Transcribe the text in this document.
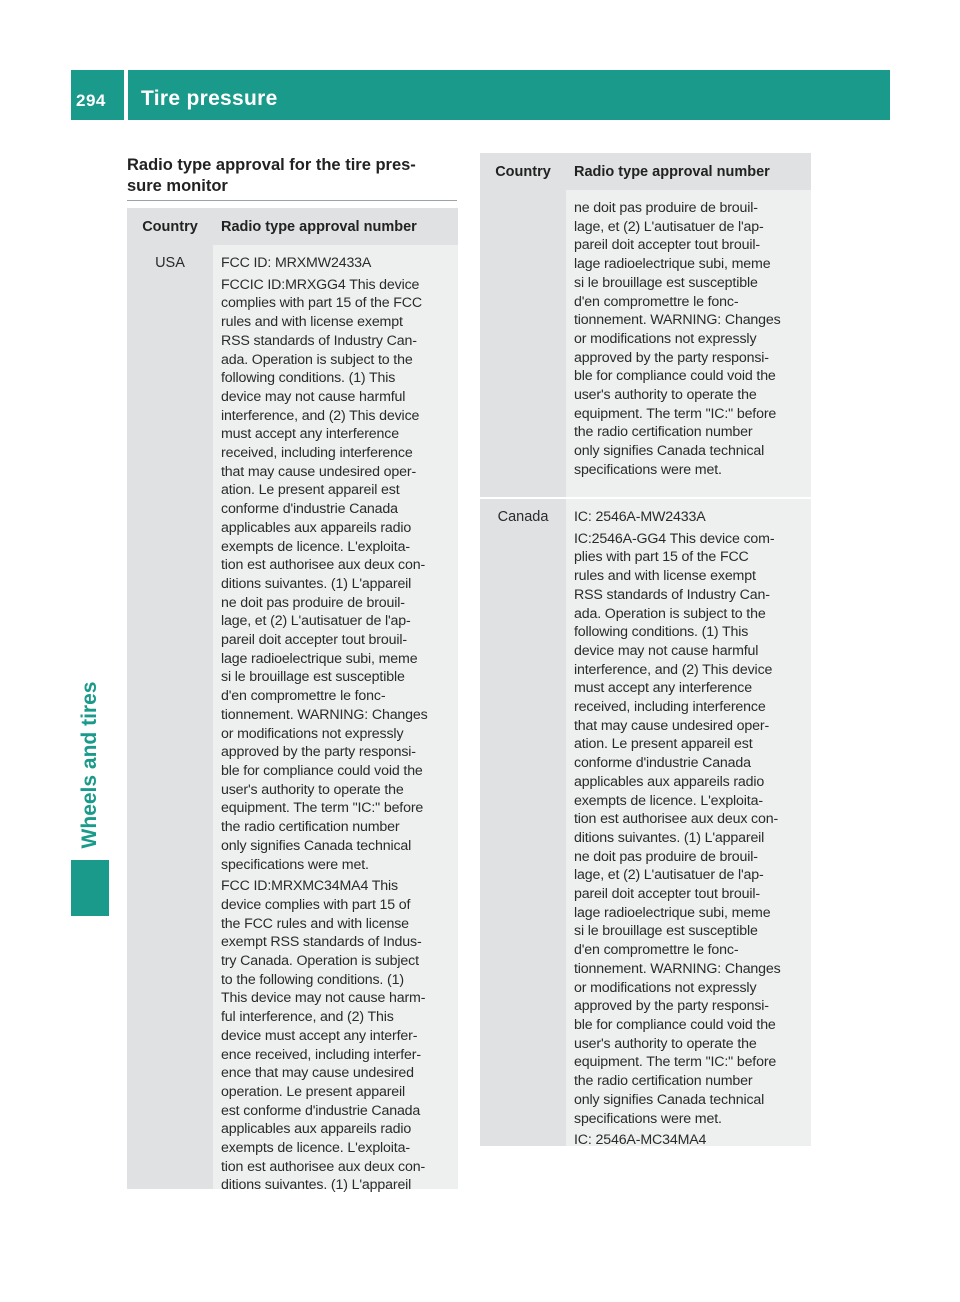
294	Tire pressure
Wheels and tires
Radio type approval for the tire pres-
sure monitor
Country	Radio type approval number
USA	FCC ID: MRXMW2433A

FCCIC ID:MRXGG4 This device
complies with part 15 of the FCC
rules and with license exempt
RSS standards of Industry Can-
ada. Operation is subject to the
following conditions. (1) This
device may not cause harmful
interference, and (2) This device
must accept any interference
received, including interference
that may cause undesired oper-
ation. Le present appareil est
conforme d'industrie Canada
applicables aux appareils radio
exempts de licence. L'exploita-
tion est authorisee aux deux con-
ditions suivantes. (1) L'appareil
ne doit pas produire de brouil-
lage, et (2) L'autisatuer de l'ap-
pareil doit accepter tout brouil-
lage radioelectrique subi, meme
si le brouillage est susceptible
d'en compromettre le fonc-
tionnement. WARNING: Changes
or modifications not expressly
approved by the party responsi-
ble for compliance could void the
user's authority to operate the
equipment. The term "IC:" before
the radio certification number
only signifies Canada technical
specifications were met.

FCC ID:MRXMC34MA4 This
device complies with part 15 of
the FCC rules and with license
exempt RSS standards of Indus-
try Canada. Operation is subject
to the following conditions. (1)
This device may not cause harm-
ful interference, and (2) This
device must accept any interfer-
ence received, including interfer-
ence that may cause undesired
operation. Le present appareil
est conforme d'industrie Canada
applicables aux appareils radio
exempts de licence. L'exploita-
tion est authorisee aux deux con-
ditions suivantes. (1) L'appareil

Country	Radio type approval number

ne doit pas produire de brouil-
lage, et (2) L'autisatuer de l'ap-
pareil doit accepter tout brouil-
lage radioelectrique subi, meme
si le brouillage est susceptible
d'en compromettre le fonc-
tionnement. WARNING: Changes
or modifications not expressly
approved by the party responsi-
ble for compliance could void the
user's authority to operate the
equipment. The term "IC:" before
the radio certification number
only signifies Canada technical
specifications were met.

Canada	IC: 2546A-MW2433A

IC:2546A-GG4 This device com-
plies with part 15 of the FCC
rules and with license exempt
RSS standards of Industry Can-
ada. Operation is subject to the
following conditions. (1) This
device may not cause harmful
interference, and (2) This device
must accept any interference
received, including interference
that may cause undesired oper-
ation. Le present appareil est
conforme d'industrie Canada
applicables aux appareils radio
exempts de licence. L'exploita-
tion est authorisee aux deux con-
ditions suivantes. (1) L'appareil
ne doit pas produire de brouil-
lage, et (2) L'autisatuer de l'ap-
pareil doit accepter tout brouil-
lage radioelectrique subi, meme
si le brouillage est susceptible
d'en compromettre le fonc-
tionnement. WARNING: Changes
or modifications not expressly
approved by the party responsi-
ble for compliance could void the
user's authority to operate the
equipment. The term "IC:" before
the radio certification number
only signifies Canada technical
specifications were met.

IC: 2546A-MC34MA4
